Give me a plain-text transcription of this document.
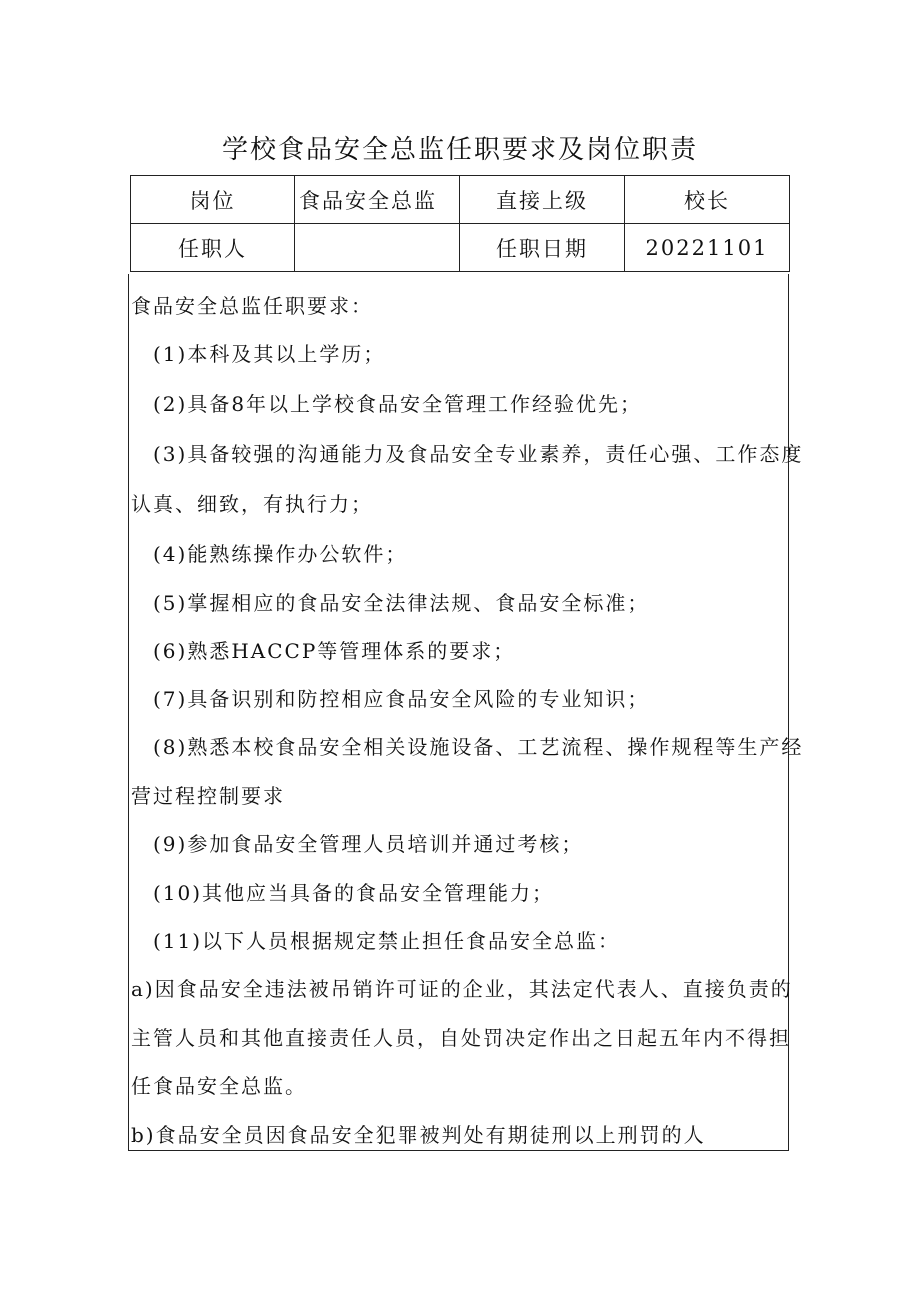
学校食品安全总监任职要求及岗位职责
岗位	食品安全总监	直接上级	校长
任职人		任职日期	20221101
食品安全总监任职要求：
(1)本科及其以上学历；
(2)具备8年以上学校食品安全管理工作经验优先；
(3)具备较强的沟通能力及食品安全专业素养，责任心强、工作态度
认真、细致，有执行力；
(4)能熟练操作办公软件；
(5)掌握相应的食品安全法律法规、食品安全标准；
(6)熟悉HACCP等管理体系的要求；
(7)具备识别和防控相应食品安全风险的专业知识；
(8)熟悉本校食品安全相关设施设备、工艺流程、操作规程等生产经
营过程控制要求
(9)参加食品安全管理人员培训并通过考核；
(10)其他应当具备的食品安全管理能力；
(11)以下人员根据规定禁止担任食品安全总监：
a)因食品安全违法被吊销许可证的企业，其法定代表人、直接负责的
主管人员和其他直接责任人员，自处罚决定作出之日起五年内不得担
任食品安全总监。
b)食品安全员因食品安全犯罪被判处有期徒刑以上刑罚的人
